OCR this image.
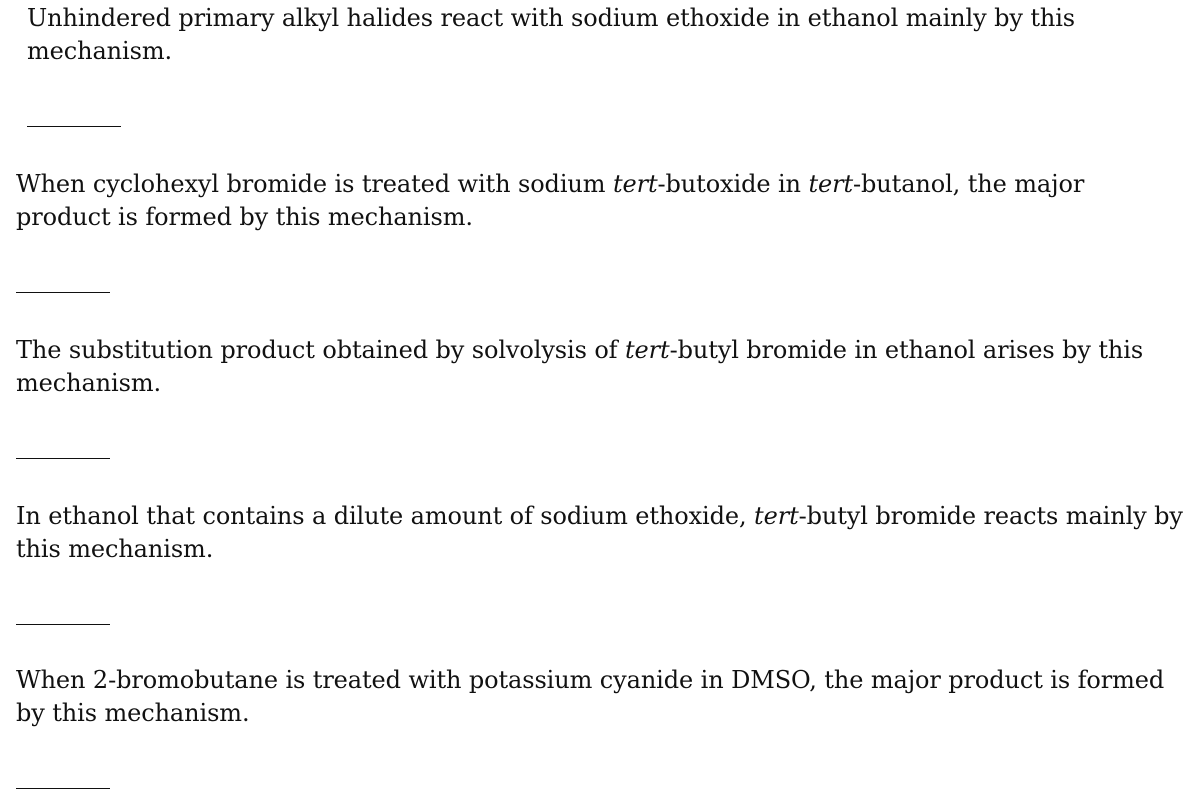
Unhindered primary alkyl halides react with sodium ethoxide in ethanol mainly by this mechanism.

When cyclohexyl bromide is treated with sodium tert-butoxide in tert-butanol, the major product is formed by this mechanism.

The substitution product obtained by solvolysis of tert-butyl bromide in ethanol arises by this mechanism.

In ethanol that contains a dilute amount of sodium ethoxide, tert-butyl bromide reacts mainly by this mechanism.

When 2-bromobutane is treated with potassium cyanide in DMSO, the major product is formed by this mechanism.
